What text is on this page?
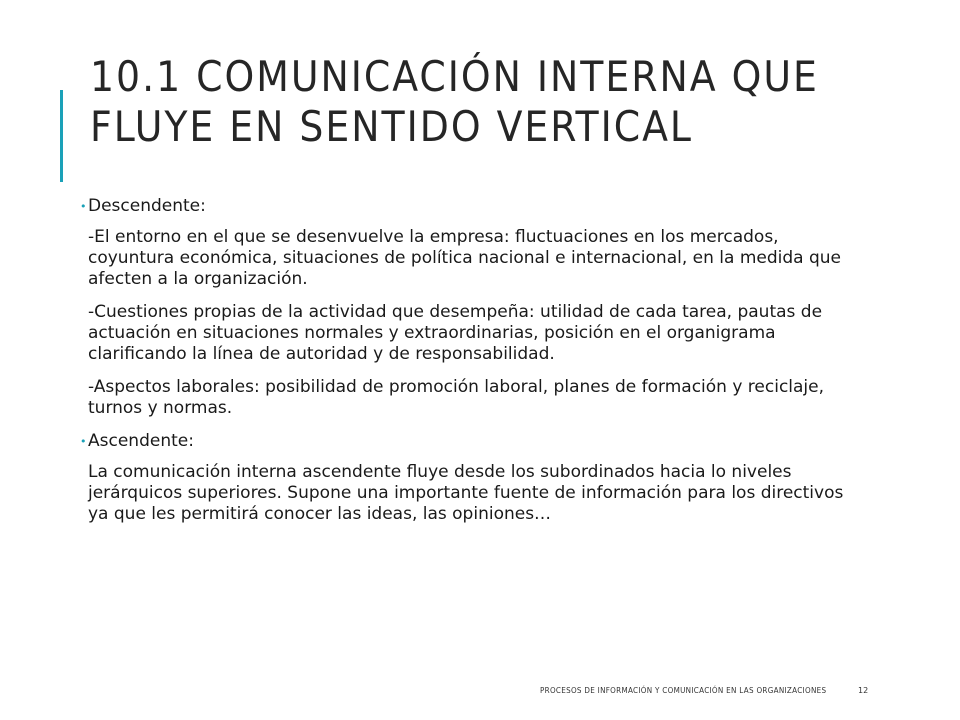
10.1 COMUNICACIÓN INTERNA QUE
FLUYE EN SENTIDO VERTICAL
• Descendente:

-El entorno en el que se desenvuelve la empresa: fluctuaciones en los mercados, coyuntura económica, situaciones de política nacional e internacional, en la medida que afecten a la organización.

-Cuestiones propias de la actividad que desempeña: utilidad de cada tarea, pautas de actuación en situaciones normales y extraordinarias, posición en el organigrama clarificando la línea de autoridad y de responsabilidad.

-Aspectos laborales: posibilidad de promoción laboral, planes de formación y reciclaje, turnos y normas.

• Ascendente:

La comunicación interna ascendente fluye desde los subordinados hacia lo niveles jerárquicos superiores. Supone una importante fuente de información para los directivos ya que les permitirá conocer las ideas, las opiniones…

PROCESOS DE INFORMACIÓN Y COMUNICACIÓN EN LAS ORGANIZACIONES	12
